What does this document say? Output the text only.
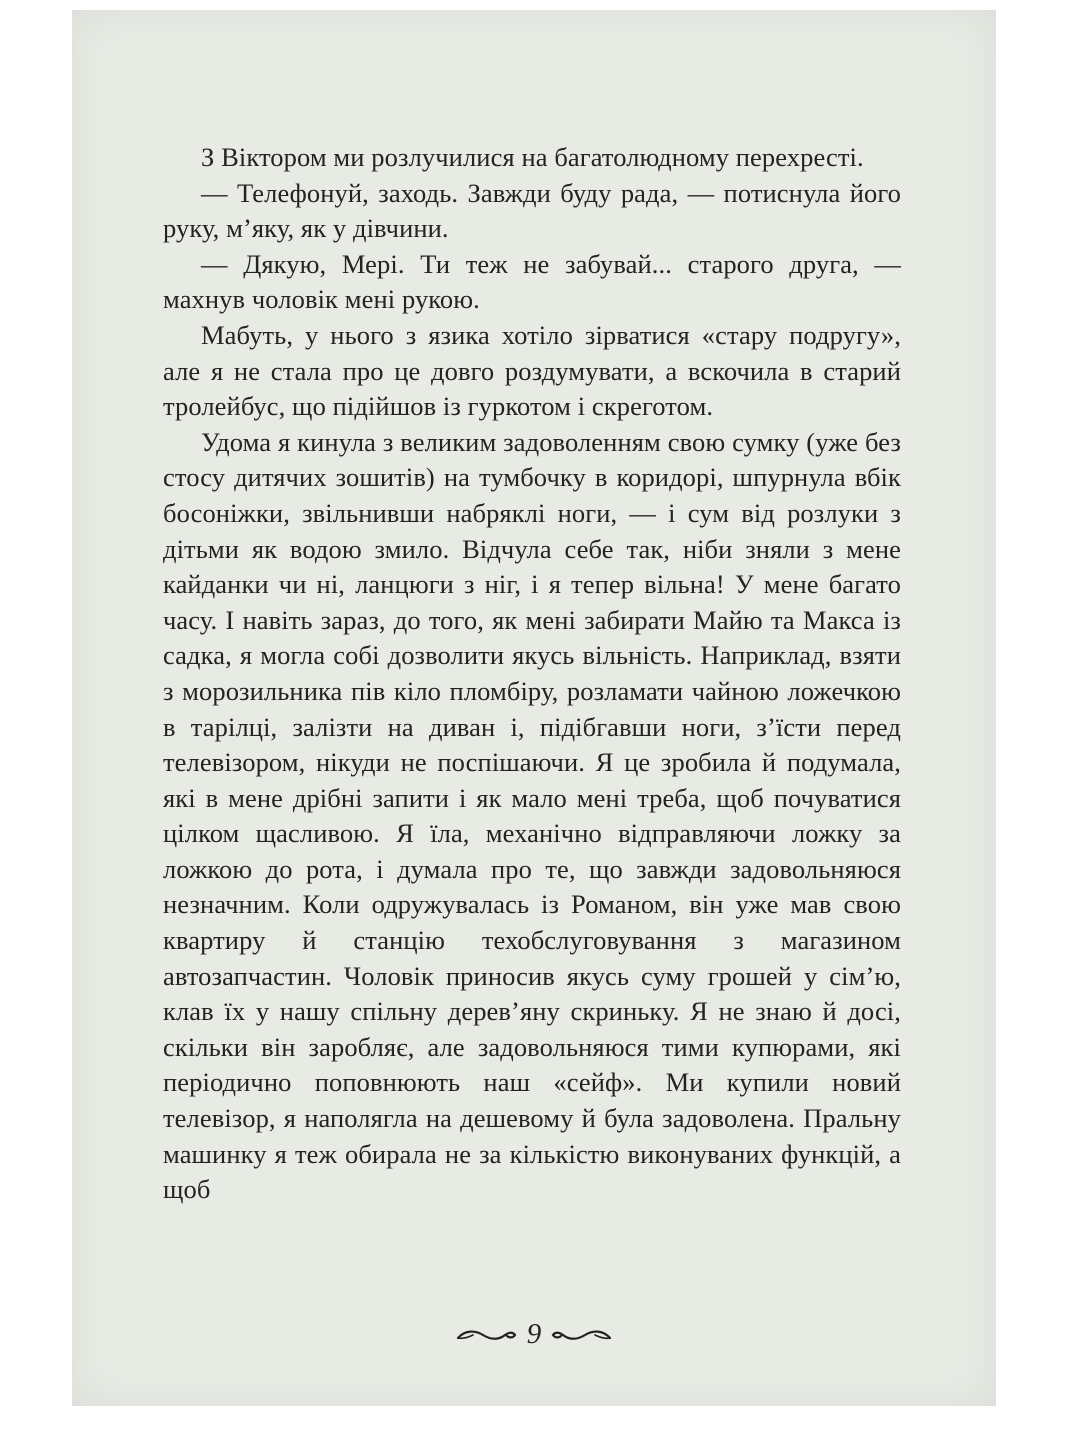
З Віктором ми розлучилися на багатолюдному перехресті.

— Телефонуй, заходь. Завжди буду рада, — потиснула його руку, м’яку, як у дівчини.

— Дякую, Мері. Ти теж не забувай... старого друга, — махнув чоловік мені рукою.

Мабуть, у нього з язика хотіло зірватися «стару подругу», але я не стала про це довго роздумувати, а вскочила в старий тролейбус, що підійшов із гуркотом і скреготом.

Удома я кинула з великим задоволенням свою сумку (уже без стосу дитячих зошитів) на тумбочку в коридорі, шпурнула вбік босоніжки, звільнивши набряклі ноги, — і сум від розлуки з дітьми як водою змило. Відчула себе так, ніби зняли з мене кайданки чи ні, ланцюги з ніг, і я тепер вільна! У мене багато часу. І навіть зараз, до того, як мені забирати Майю та Макса із садка, я могла собі дозволити якусь вільність. Наприклад, взяти з морозильника пів кіло пломбіру, розламати чайною ложечкою в тарілці, залізти на диван і, підібгавши ноги, з’їсти перед телевізором, нікуди не поспішаючи. Я це зробила й подумала, які в мене дрібні запити і як мало мені треба, щоб почуватися цілком щасливою. Я їла, механічно відправляючи ложку за ложкою до рота, і думала про те, що завжди задовольняюся незначним. Коли одружувалась із Романом, він уже мав свою квартиру й станцію техобслуговування з магазином автозапчастин. Чоловік приносив якусь суму грошей у сім’ю, клав їх у нашу спільну дерев’яну скриньку. Я не знаю й досі, скільки він заробляє, але задовольняюся тими купюрами, які періодично поповнюють наш «сейф». Ми купили новий телевізор, я наполягла на дешевому й була задоволена. Пральну машинку я теж обирала не за кількістю виконуваних функцій, а щоб

9
